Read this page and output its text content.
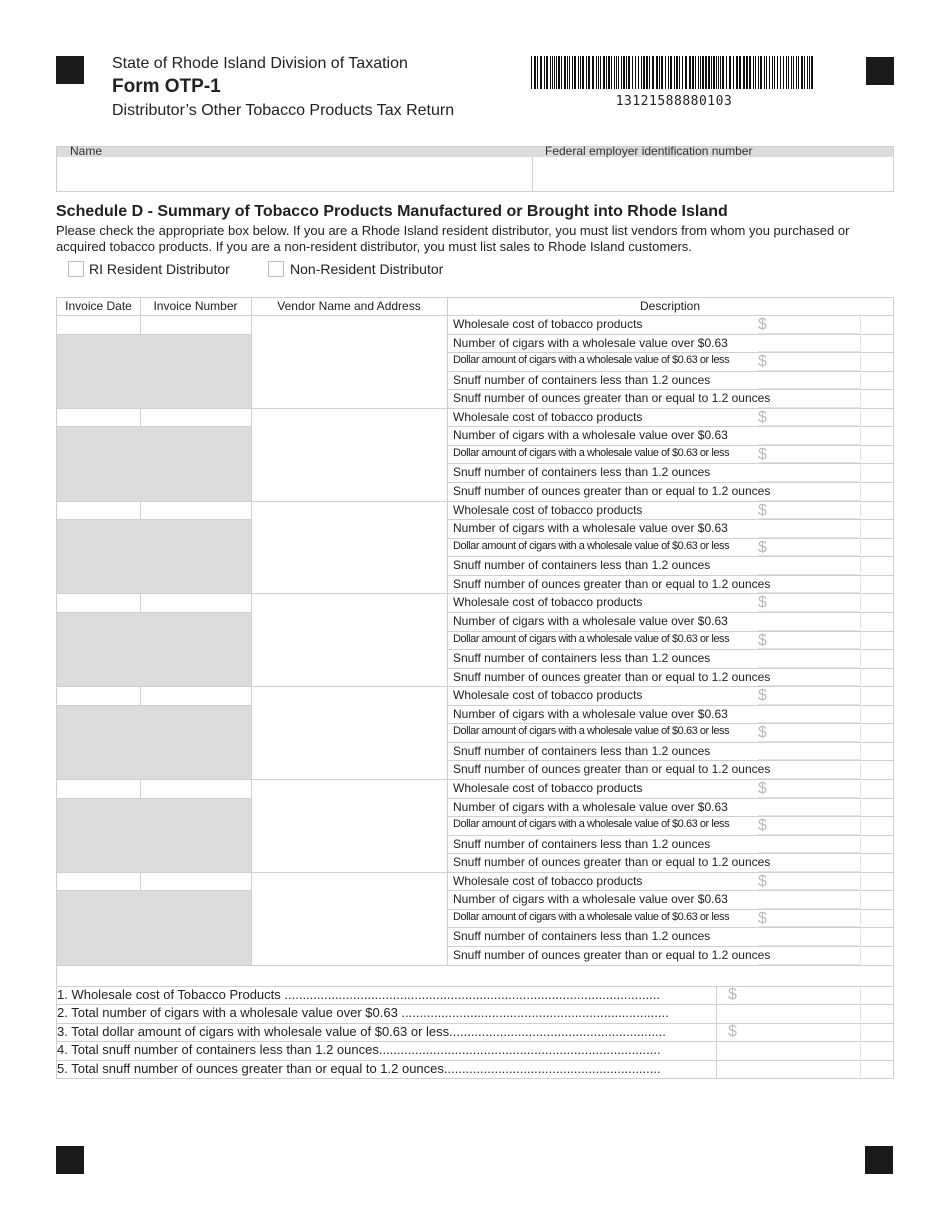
State of Rhode Island Division of Taxation
Form OTP-1
Distributor’s Other Tobacco Products Tax Return
13121588880103
Name	Federal employer identification number
Schedule D - Summary of Tobacco Products Manufactured or Brought into Rhode Island
Please check the appropriate box below. If you are a Rhode Island resident distributor, you must list vendors from whom you purchased or acquired tobacco products. If you are a non-resident distributor, you must list sales to Rhode Island customers.
RI Resident Distributor	Non-Resident Distributor
Invoice Date	Invoice Number	Vendor Name and Address	Description
Wholesale cost of tobacco products	$
Number of cigars with a wholesale value over $0.63
Dollar amount of cigars with a wholesale value of $0.63 or less $
Snuff number of containers less than 1.2 ounces
Snuff number of ounces greater than or equal to 1.2 ounces
Wholesale cost of tobacco products	$
Number of cigars with a wholesale value over $0.63
Dollar amount of cigars with a wholesale value of $0.63 or less $
Snuff number of containers less than 1.2 ounces
Snuff number of ounces greater than or equal to 1.2 ounces
Wholesale cost of tobacco products	$
Number of cigars with a wholesale value over $0.63
Dollar amount of cigars with a wholesale value of $0.63 or less $
Snuff number of containers less than 1.2 ounces
Snuff number of ounces greater than or equal to 1.2 ounces
Wholesale cost of tobacco products	$
Number of cigars with a wholesale value over $0.63
Dollar amount of cigars with a wholesale value of $0.63 or less $
Snuff number of containers less than 1.2 ounces
Snuff number of ounces greater than or equal to 1.2 ounces
Wholesale cost of tobacco products	$
Number of cigars with a wholesale value over $0.63
Dollar amount of cigars with a wholesale value of $0.63 or less $
Snuff number of containers less than 1.2 ounces
Snuff number of ounces greater than or equal to 1.2 ounces
Wholesale cost of tobacco products	$
Number of cigars with a wholesale value over $0.63
Dollar amount of cigars with a wholesale value of $0.63 or less $
Snuff number of containers less than 1.2 ounces
Snuff number of ounces greater than or equal to 1.2 ounces
Wholesale cost of tobacco products	$
Number of cigars with a wholesale value over $0.63
Dollar amount of cigars with a wholesale value of $0.63 or less $
Snuff number of containers less than 1.2 ounces
Snuff number of ounces greater than or equal to 1.2 ounces
1. Wholesale cost of Tobacco Products ........................................................................................................	$
2. Total number of cigars with a wholesale value over $0.63 ..........................................................................
3. Total dollar amount of cigars with wholesale value of $0.63 or less............................................................	$
4. Total snuff number of containers less than 1.2 ounces..............................................................................
5. Total snuff number of ounces greater than or equal to 1.2 ounces............................................................
